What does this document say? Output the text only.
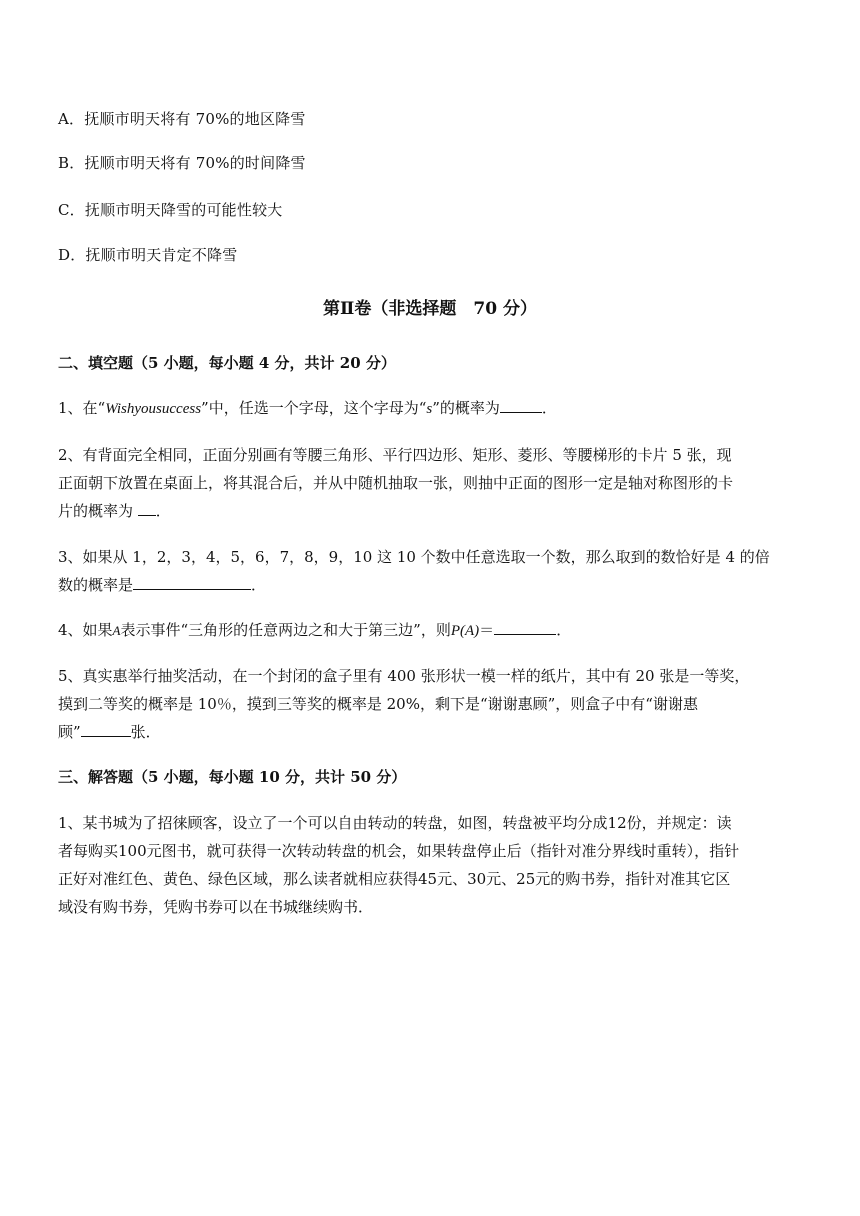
A．抚顺市明天将有 70%的地区降雪
B．抚顺市明天将有 70%的时间降雪
C．抚顺市明天降雪的可能性较大
D．抚顺市明天肯定不降雪
第Ⅱ卷（非选择题　70 分）
二、填空题（5 小题，每小题 4 分，共计 20 分）
1、在“Wishyousuccess”中，任选一个字母，这个字母为“s”的概率为	．
2、有背面完全相同，正面分别画有等腰三角形、平行四边形、矩形、菱形、等腰梯形的卡片 5 张，现
正面朝下放置在桌面上，将其混合后，并从中随机抽取一张，则抽中正面的图形一定是轴对称图形的卡
片的概率为 ．
3、如果从 1，2，3，4，5，6，7，8，9，10 这 10 个数中任意选取一个数，那么取到的数恰好是 4 的倍
数的概率是	．
4、如果A表示事件“三角形的任意两边之和大于第三边”，则P(A)＝	．
5、真实惠举行抽奖活动，在一个封闭的盒子里有 400 张形状一模一样的纸片，其中有 20 张是一等奖，
摸到二等奖的概率是 10％，摸到三等奖的概率是 20%，剩下是“谢谢惠顾”，则盒子中有“谢谢惠
顾”	张．
三、解答题（5 小题，每小题 10 分，共计 50 分）
1、某书城为了招徕顾客，设立了一个可以自由转动的转盘，如图，转盘被平均分成12份，并规定：读
者每购买100元图书，就可获得一次转动转盘的机会，如果转盘停止后（指针对准分界线时重转），指针
正好对准红色、黄色、绿色区域，那么读者就相应获得45元、30元、25元的购书券，指针对准其它区
域没有购书券，凭购书券可以在书城继续购书．
